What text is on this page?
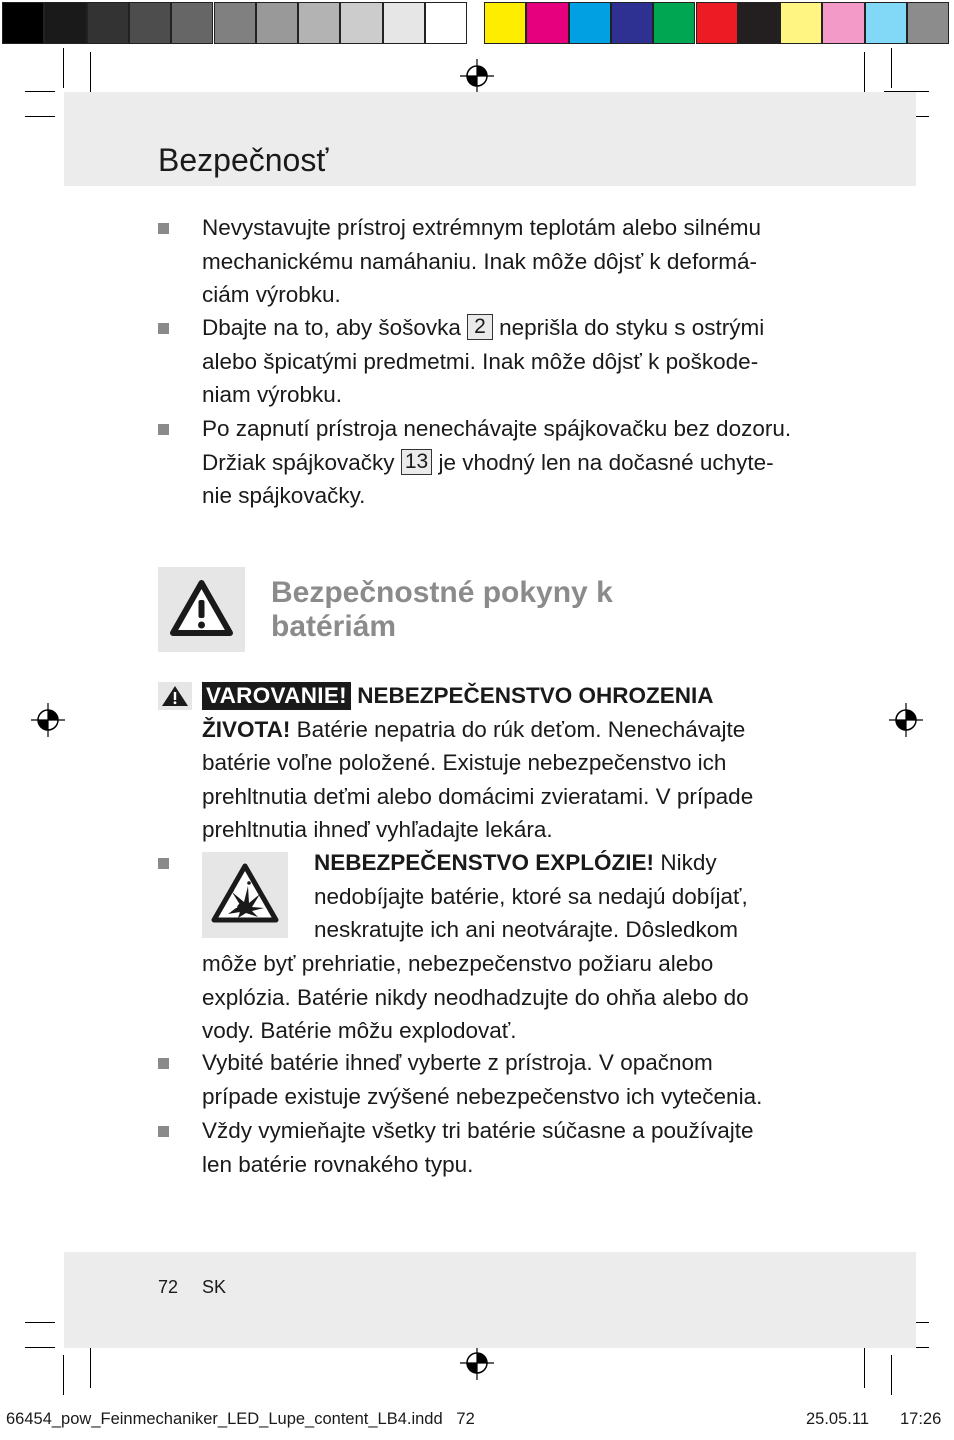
Bezpečnosť
Nevystavujte prístroj extrémnym teplotám alebo silnému
mechanickému namáhaniu. Inak môže dôjsť k deformá-
ciám výrobku.
Dbajte na to, aby šošovka 2 neprišla do styku s ostrými
alebo špicatými predmetmi. Inak môže dôjsť k poškode-
niam výrobku.
Po zapnutí prístroja nenechávajte spájkovačku bez dozoru.
Držiak spájkovačky 13 je vhodný len na dočasné uchyte-
nie spájkovačky.
Bezpečnostné pokyny k
batériám
VAROVANIE! NEBEZPEČENSTVO OHROZENIA
ŽIVOTA! Batérie nepatria do rúk deťom. Nenechávajte
batérie voľne položené. Existuje nebezpečenstvo ich
prehltnutia deťmi alebo domácimi zvieratami. V prípade
prehltnutia ihneď vyhľadajte lekára.
NEBEZPEČENSTVO EXPLÓZIE! Nikdy
nedobíjajte batérie, ktoré sa nedajú dobíjať,
neskratujte ich ani neotvárajte. Dôsledkom
môže byť prehriatie, nebezpečenstvo požiaru alebo
explózia. Batérie nikdy neodhadzujte do ohňa alebo do
vody. Batérie môžu explodovať.
Vybité batérie ihneď vyberte z prístroja. V opačnom
prípade existuje zvýšené nebezpečenstvo ich vytečenia.
Vždy vymieňajte všetky tri batérie súčasne a používajte
len batérie rovnakého typu.
72 SK
66454_pow_Feinmechaniker_LED_Lupe_content_LB4.indd   72	25.05.11 17:26
